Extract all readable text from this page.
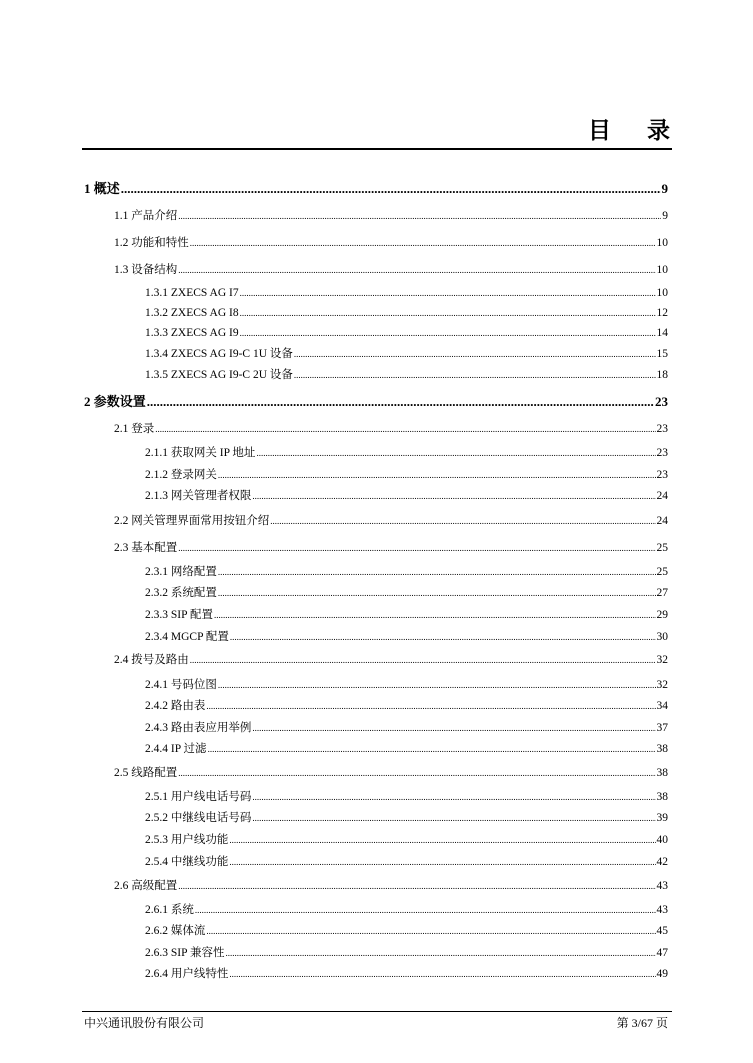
目 录
1 概述 .....	9
1.1 产品介绍 .....	9
1.2 功能和特性 .....	10
1.3 设备结构 .....	10
1.3.1 ZXECS AG I7 .....	10
1.3.2 ZXECS AG I8 .....	12
1.3.3 ZXECS AG I9 .....	14
1.3.4 ZXECS AG I9-C 1U 设备 .....	15
1.3.5 ZXECS AG I9-C 2U 设备 .....	18
2 参数设置 .....	23
2.1 登录 .....	23
2.1.1 获取网关 IP 地址 .....	23
2.1.2 登录网关 .....	23
2.1.3 网关管理者权限 .....	24
2.2 网关管理界面常用按钮介绍 .....	24
2.3 基本配置 .....	25
2.3.1 网络配置 .....	25
2.3.2 系统配置 .....	27
2.3.3 SIP 配置 .....	29
2.3.4 MGCP 配置 .....	30
2.4 拨号及路由 .....	32
2.4.1 号码位图 .....	32
2.4.2 路由表 .....	34
2.4.3 路由表应用举例 .....	37
2.4.4 IP 过滤 .....	38
2.5 线路配置 .....	38
2.5.1 用户线电话号码 .....	38
2.5.2 中继线电话号码 .....	39
2.5.3 用户线功能 .....	40
2.5.4 中继线功能 .....	42
2.6 高级配置 .....	43
2.6.1 系统 .....	43
2.6.2 媒体流 .....	45
2.6.3 SIP 兼容性 .....	47
2.6.4 用户线特性 .....	49
中兴通讯股份有限公司	第 3/67 页
